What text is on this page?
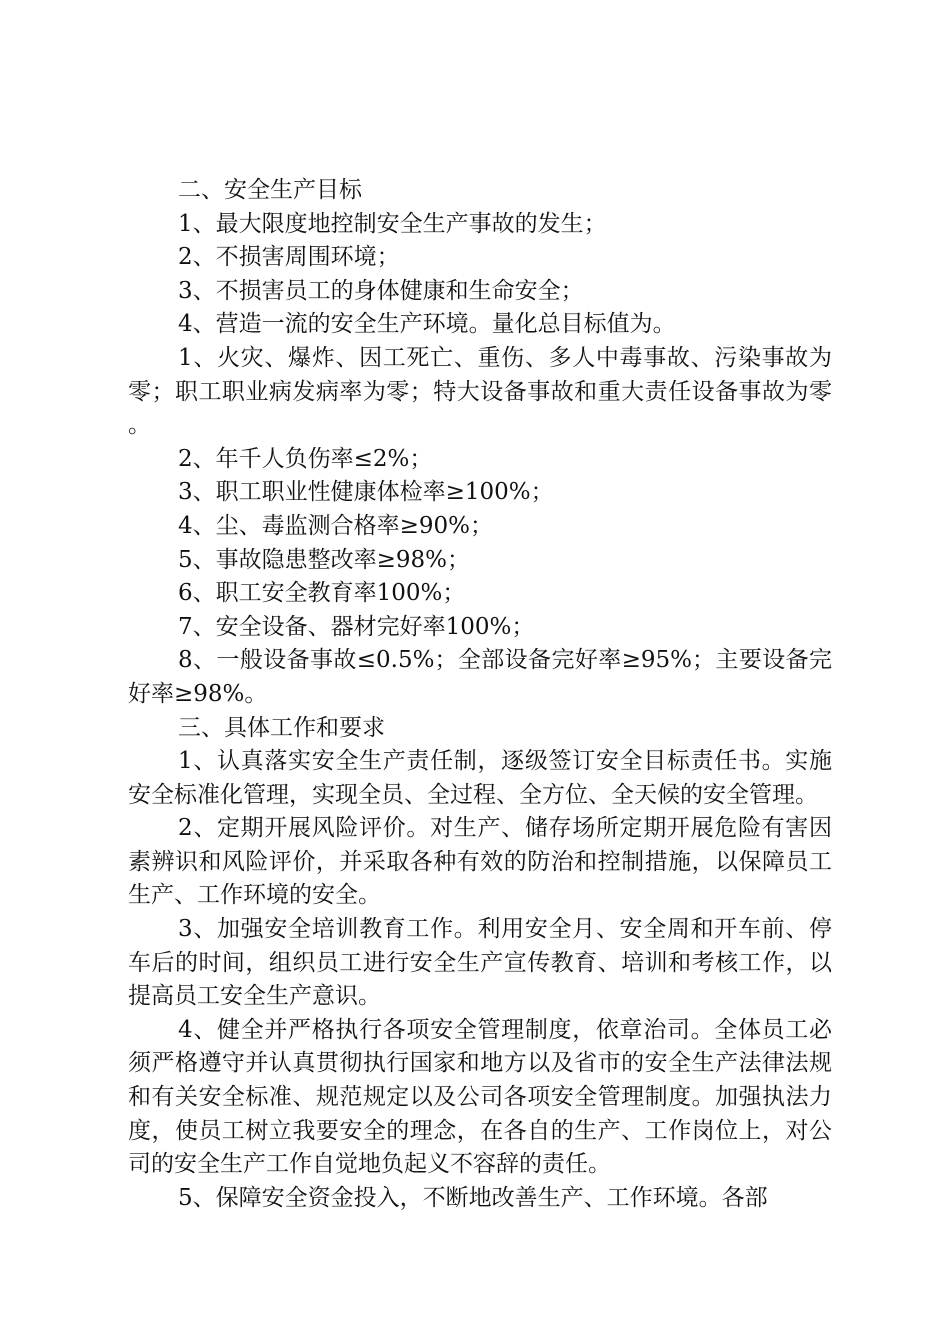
二、安全生产目标

1、最大限度地控制安全生产事故的发生；

2、不损害周围环境；

3、不损害员工的身体健康和生命安全；

4、营造一流的安全生产环境。量化总目标值为。

1、火灾、爆炸、因工死亡、重伤、多人中毒事故、污染事故为零；职工职业病发病率为零；特大设备事故和重大责任设备事故为零。

2、年千人负伤率≤2%；

3、职工职业性健康体检率≥100%；

4、尘、毒监测合格率≥90%；

5、事故隐患整改率≥98%；

6、职工安全教育率100%；

7、安全设备、器材完好率100%；

8、一般设备事故≤0.5%；全部设备完好率≥95%；主要设备完好率≥98%。

三、具体工作和要求

1、认真落实安全生产责任制，逐级签订安全目标责任书。实施安全标准化管理，实现全员、全过程、全方位、全天候的安全管理。

2、定期开展风险评价。对生产、储存场所定期开展危险有害因素辨识和风险评价，并采取各种有效的防治和控制措施，以保障员工生产、工作环境的安全。

3、加强安全培训教育工作。利用安全月、安全周和开车前、停车后的时间，组织员工进行安全生产宣传教育、培训和考核工作，以提高员工安全生产意识。

4、健全并严格执行各项安全管理制度，依章治司。全体员工必须严格遵守并认真贯彻执行国家和地方以及省市的安全生产法律法规和有关安全标准、规范规定以及公司各项安全管理制度。加强执法力度，使员工树立我要安全的理念，在各自的生产、工作岗位上，对公司的安全生产工作自觉地负起义不容辞的责任。

5、保障安全资金投入，不断地改善生产、工作环境。各部
